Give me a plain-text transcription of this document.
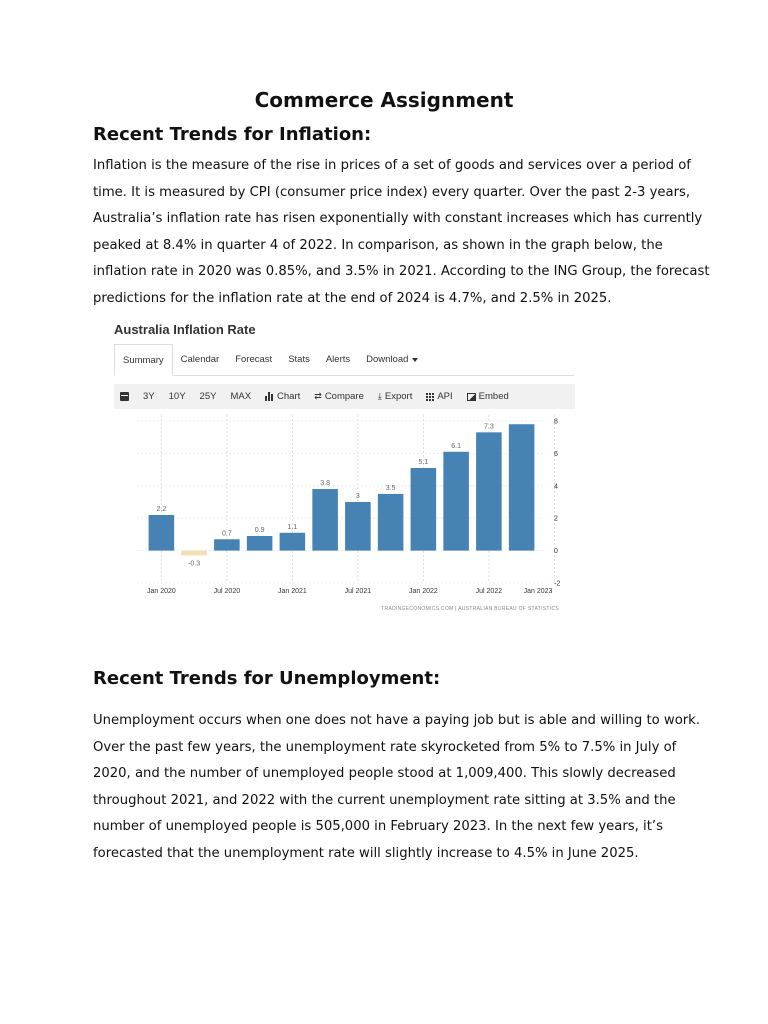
Commerce Assignment
Recent Trends for Inflation:
Inflation is the measure of the rise in prices of a set of goods and services over a period of
time. It is measured by CPI (consumer price index) every quarter. Over the past 2-3 years,
Australia’s inflation rate has risen exponentially with constant increases which has currently
peaked at 8.4% in quarter 4 of 2022. In comparison, as shown in the graph below, the
inflation rate in 2020 was 0.85%, and 3.5% in 2021. According to the ING Group, the forecast
predictions for the inflation rate at the end of 2024 is 4.7%, and 2.5% in 2025.
Australia Inflation Rate
Summary	Calendar	Forecast	Stats	Alerts	Download
3Y 10Y 25Y MAX	Chart ⇄ Compare ⤓ Export	API	Embed
2.2
-0.3
0.7	0.9	1.1
3.8
3
3.5
5.1
6.1
7.3
-2
0
2
4
6
8
Jan 2020	Jul 2020	Jan 2021	Jul 2021	Jan 2022	Jul 2022	Jan 2023
TRADINGECONOMICS.COM | AUSTRALIAN BUREAU OF STATISTICS
Recent Trends for Unemployment:
Unemployment occurs when one does not have a paying job but is able and willing to work.
Over the past few years, the unemployment rate skyrocketed from 5% to 7.5% in July of
2020, and the number of unemployed people stood at 1,009,400. This slowly decreased
throughout 2021, and 2022 with the current unemployment rate sitting at 3.5% and the
number of unemployed people is 505,000 in February 2023. In the next few years, it’s
forecasted that the unemployment rate will slightly increase to 4.5% in June 2025.
